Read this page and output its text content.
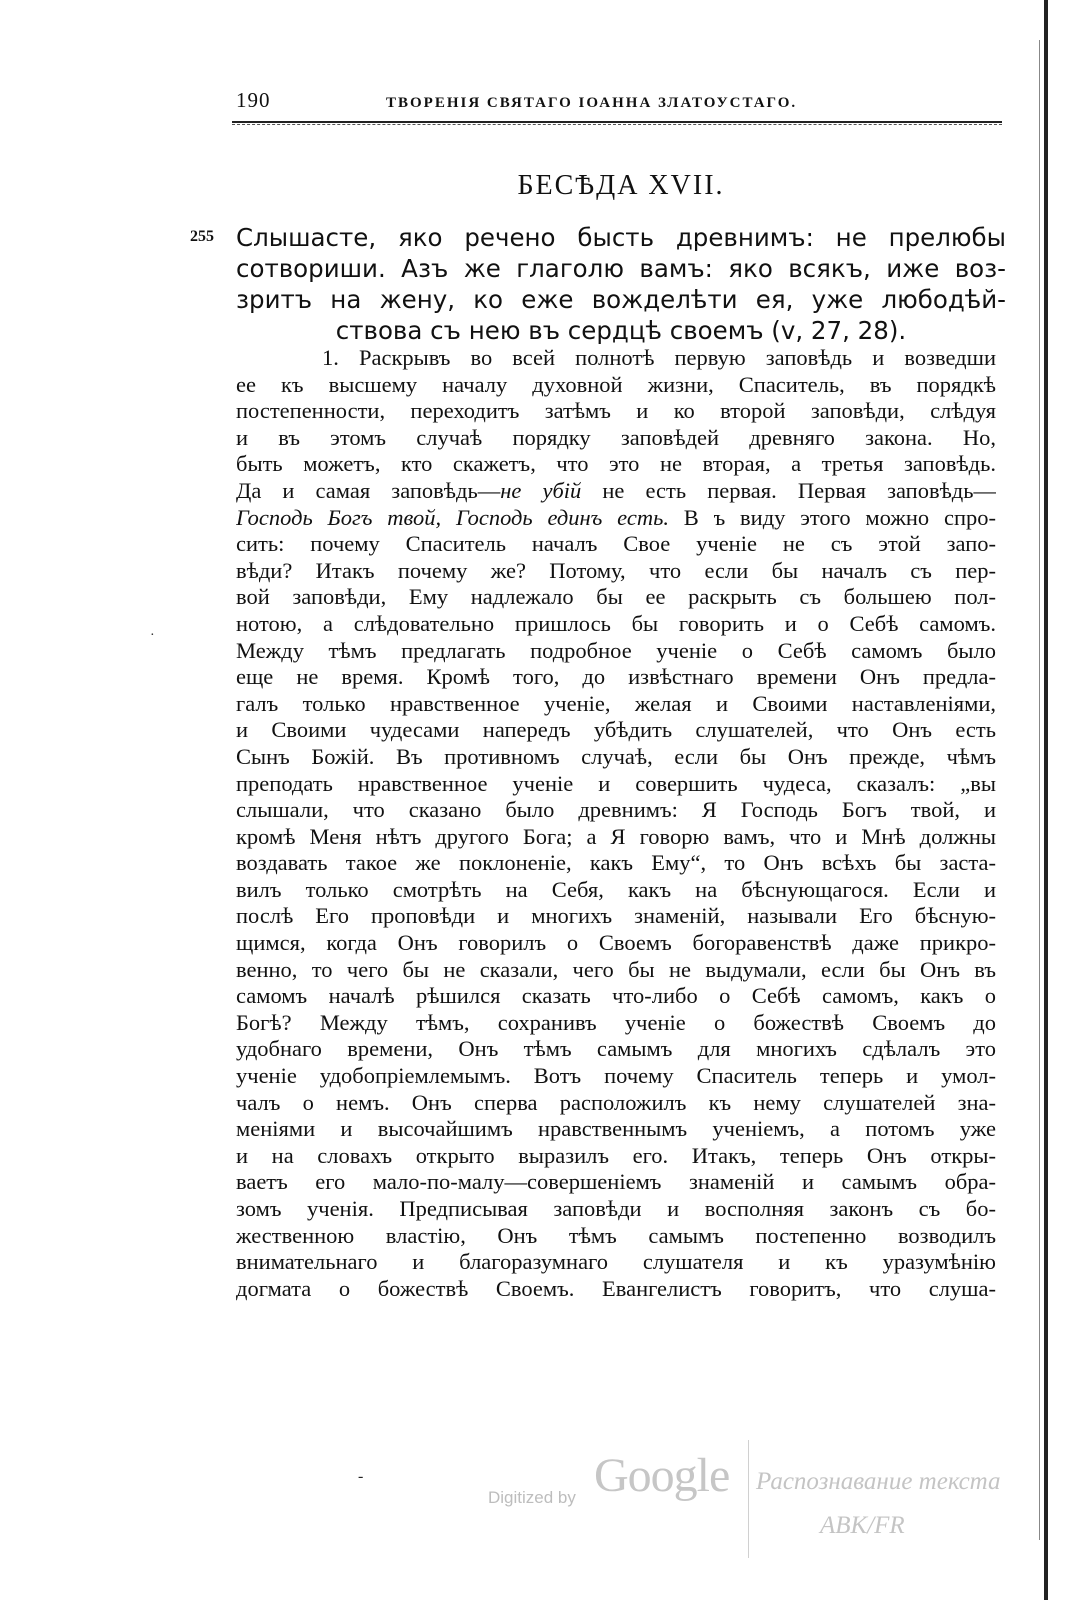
190	ТВОРЕНІЯ СВЯТАГО ІОАННА ЗЛАТОУСТАГО.
БЕСѢДА XVII.
255 Слышасте, яко речено бысть древнимъ: не прелюбы
сотвориши. Азъ же глаголю вамъ: яко всякъ, иже воз-
зритъ на жену, ко еже вожделѣти ея, уже любодѣй-
ствова съ нею въ сердцѣ своемъ (v, 27, 28).
1. Раскрывъ во всей полнотѣ первую заповѣдь и возведши
ее къ высшему началу духовной жизни, Спаситель, въ порядкѣ
постепенности, переходитъ затѣмъ и ко второй заповѣди, слѣдуя
и въ этомъ случаѣ порядку заповѣдей древняго закона. Но,
быть можетъ, кто скажетъ, что это не вторая, а третья заповѣдь.
Да и самая заповѣдь—не убій не есть первая. Первая заповѣдь—
Господь Богъ твой, Господь единъ есть. В ъ виду этого можно спро-
сить: почему Спаситель началъ Свое ученіе не съ этой запо-
вѣди? Итакъ почему же? Потому, что если бы началъ съ пер-
вой заповѣди, Ему надлежало бы ее раскрыть съ большею пол-
нотою, а слѣдовательно пришлось бы говорить и о Себѣ самомъ.
Между тѣмъ предлагать подробное ученіе о Себѣ самомъ было
еще не время. Кромѣ того, до извѣстнаго времени Онъ предла-
галъ только нравственное ученіе, желая и Своими наставленіями,
и Своими чудесами напередъ убѣдить слушателей, что Онъ есть
Сынъ Божій. Въ противномъ случаѣ, если бы Онъ прежде, чѣмъ
преподать нравственное ученіе и совершить чудеса, сказалъ: „вы
слышали, что сказано было древнимъ: Я Господь Богъ твой, и
кромѣ Меня нѣтъ другого Бога; а Я говорю вамъ, что и Мнѣ должны
воздавать такое же поклоненіе, какъ Ему“, то Онъ всѣхъ бы заста-
вилъ только смотрѣть на Себя, какъ на бѣснующагося. Если и
послѣ Его проповѣди и многихъ знаменій, называли Его бѣсную-
щимся, когда Онъ говорилъ о Своемъ богоравенствѣ даже прикро-
венно, то чего бы не сказали, чего бы не выдумали, если бы Онъ въ
самомъ началѣ рѣшился сказать что-либо о Себѣ самомъ, какъ о
Богѣ? Между тѣмъ, сохранивъ ученіе о божествѣ Своемъ до
удобнаго времени, Онъ тѣмъ самымъ для многихъ сдѣлалъ это
ученіе удобопріемлемымъ. Вотъ почему Спаситель теперь и умол-
чалъ о немъ. Онъ сперва расположилъ къ нему слушателей зна-
меніями и высочайшимъ нравственнымъ ученіемъ, а потомъ уже
и на словахъ открыто выразилъ его. Итакъ, теперь Онъ откры-
ваетъ его мало-по-малу—совершеніемъ знаменій и самымъ обра-
зомъ ученія. Предписывая заповѣди и восполняя законъ съ бо-
жественною властію, Онъ тѣмъ самымъ постепенно возводилъ
внимательнаго и благоразумнаго слушателя и къ уразумѣнію
догмата о божествѣ Своемъ. Евангелистъ говоритъ, что слуша-
·
-
Digitized by Google Распознавание текста
ABK/FR
